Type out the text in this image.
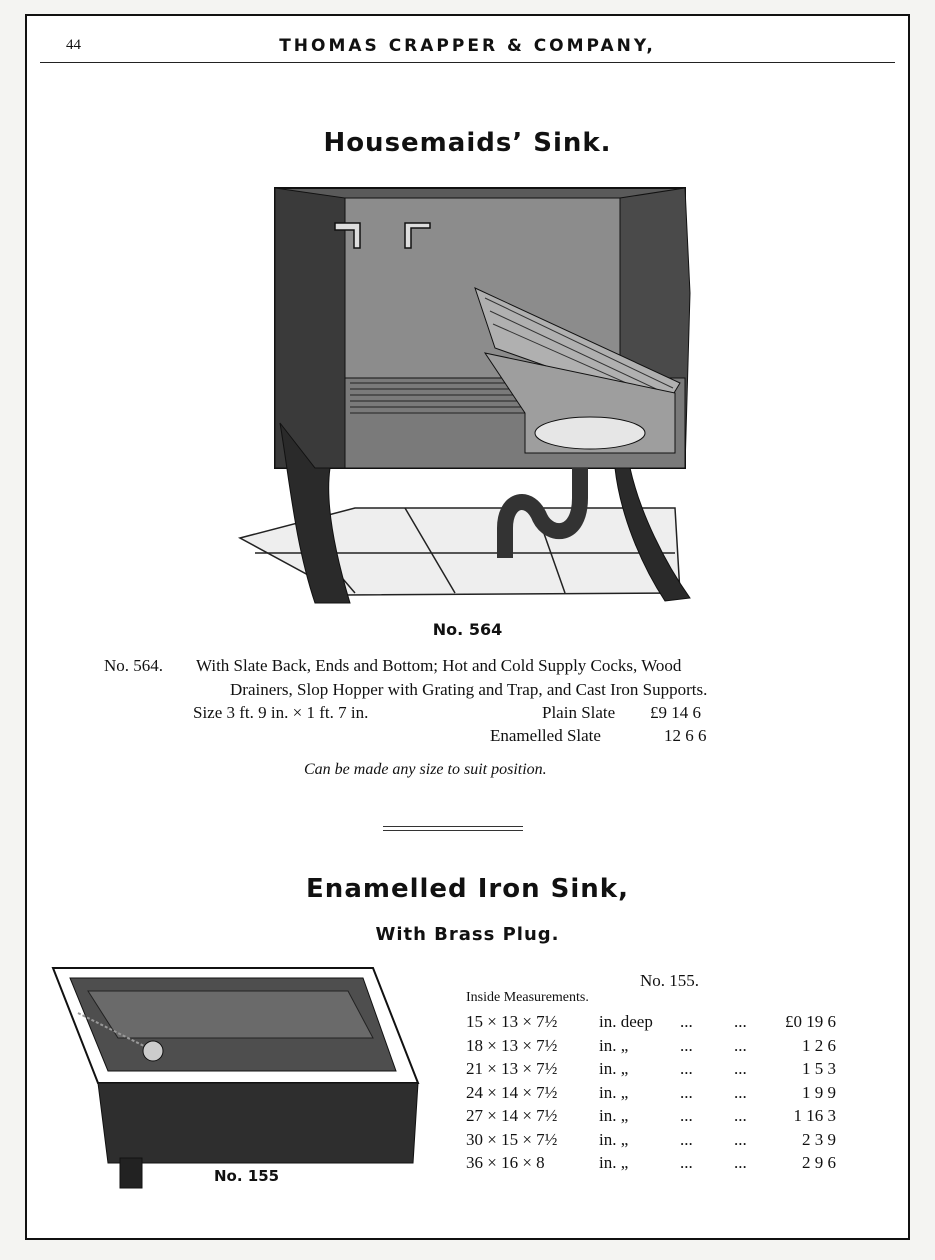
44	THOMAS CRAPPER & COMPANY,
Housemaids’ Sink.
No. 564
No. 564. With Slate Back, Ends and Bottom; Hot and Cold Supply Cocks, Wood
Drainers, Slop Hopper with Grating and Trap, and Cast Iron Supports.
Size 3 ft. 9 in. × 1 ft. 7 in.	Plain Slate £9 14 6
Enamelled Slate	12 6 6
Can be made any size to suit position.
Enamelled Iron Sink,
With Brass Plug.
No. 155
No. 155.
Inside Measurements.
15 × 13 × 7½ in. deep ... ...	£0 19 6
18 × 13 × 7½ in. „	... ...	1 2 6
21 × 13 × 7½ in. „	... ...	1 5 3
24 × 14 × 7½ in. „	... ...	1 9 9
27 × 14 × 7½ in. „	... ...	1 16 3
30 × 15 × 7½ in. „	... ...	2 3 9
36 × 16 × 8	in. „	... ...	2 9 6
